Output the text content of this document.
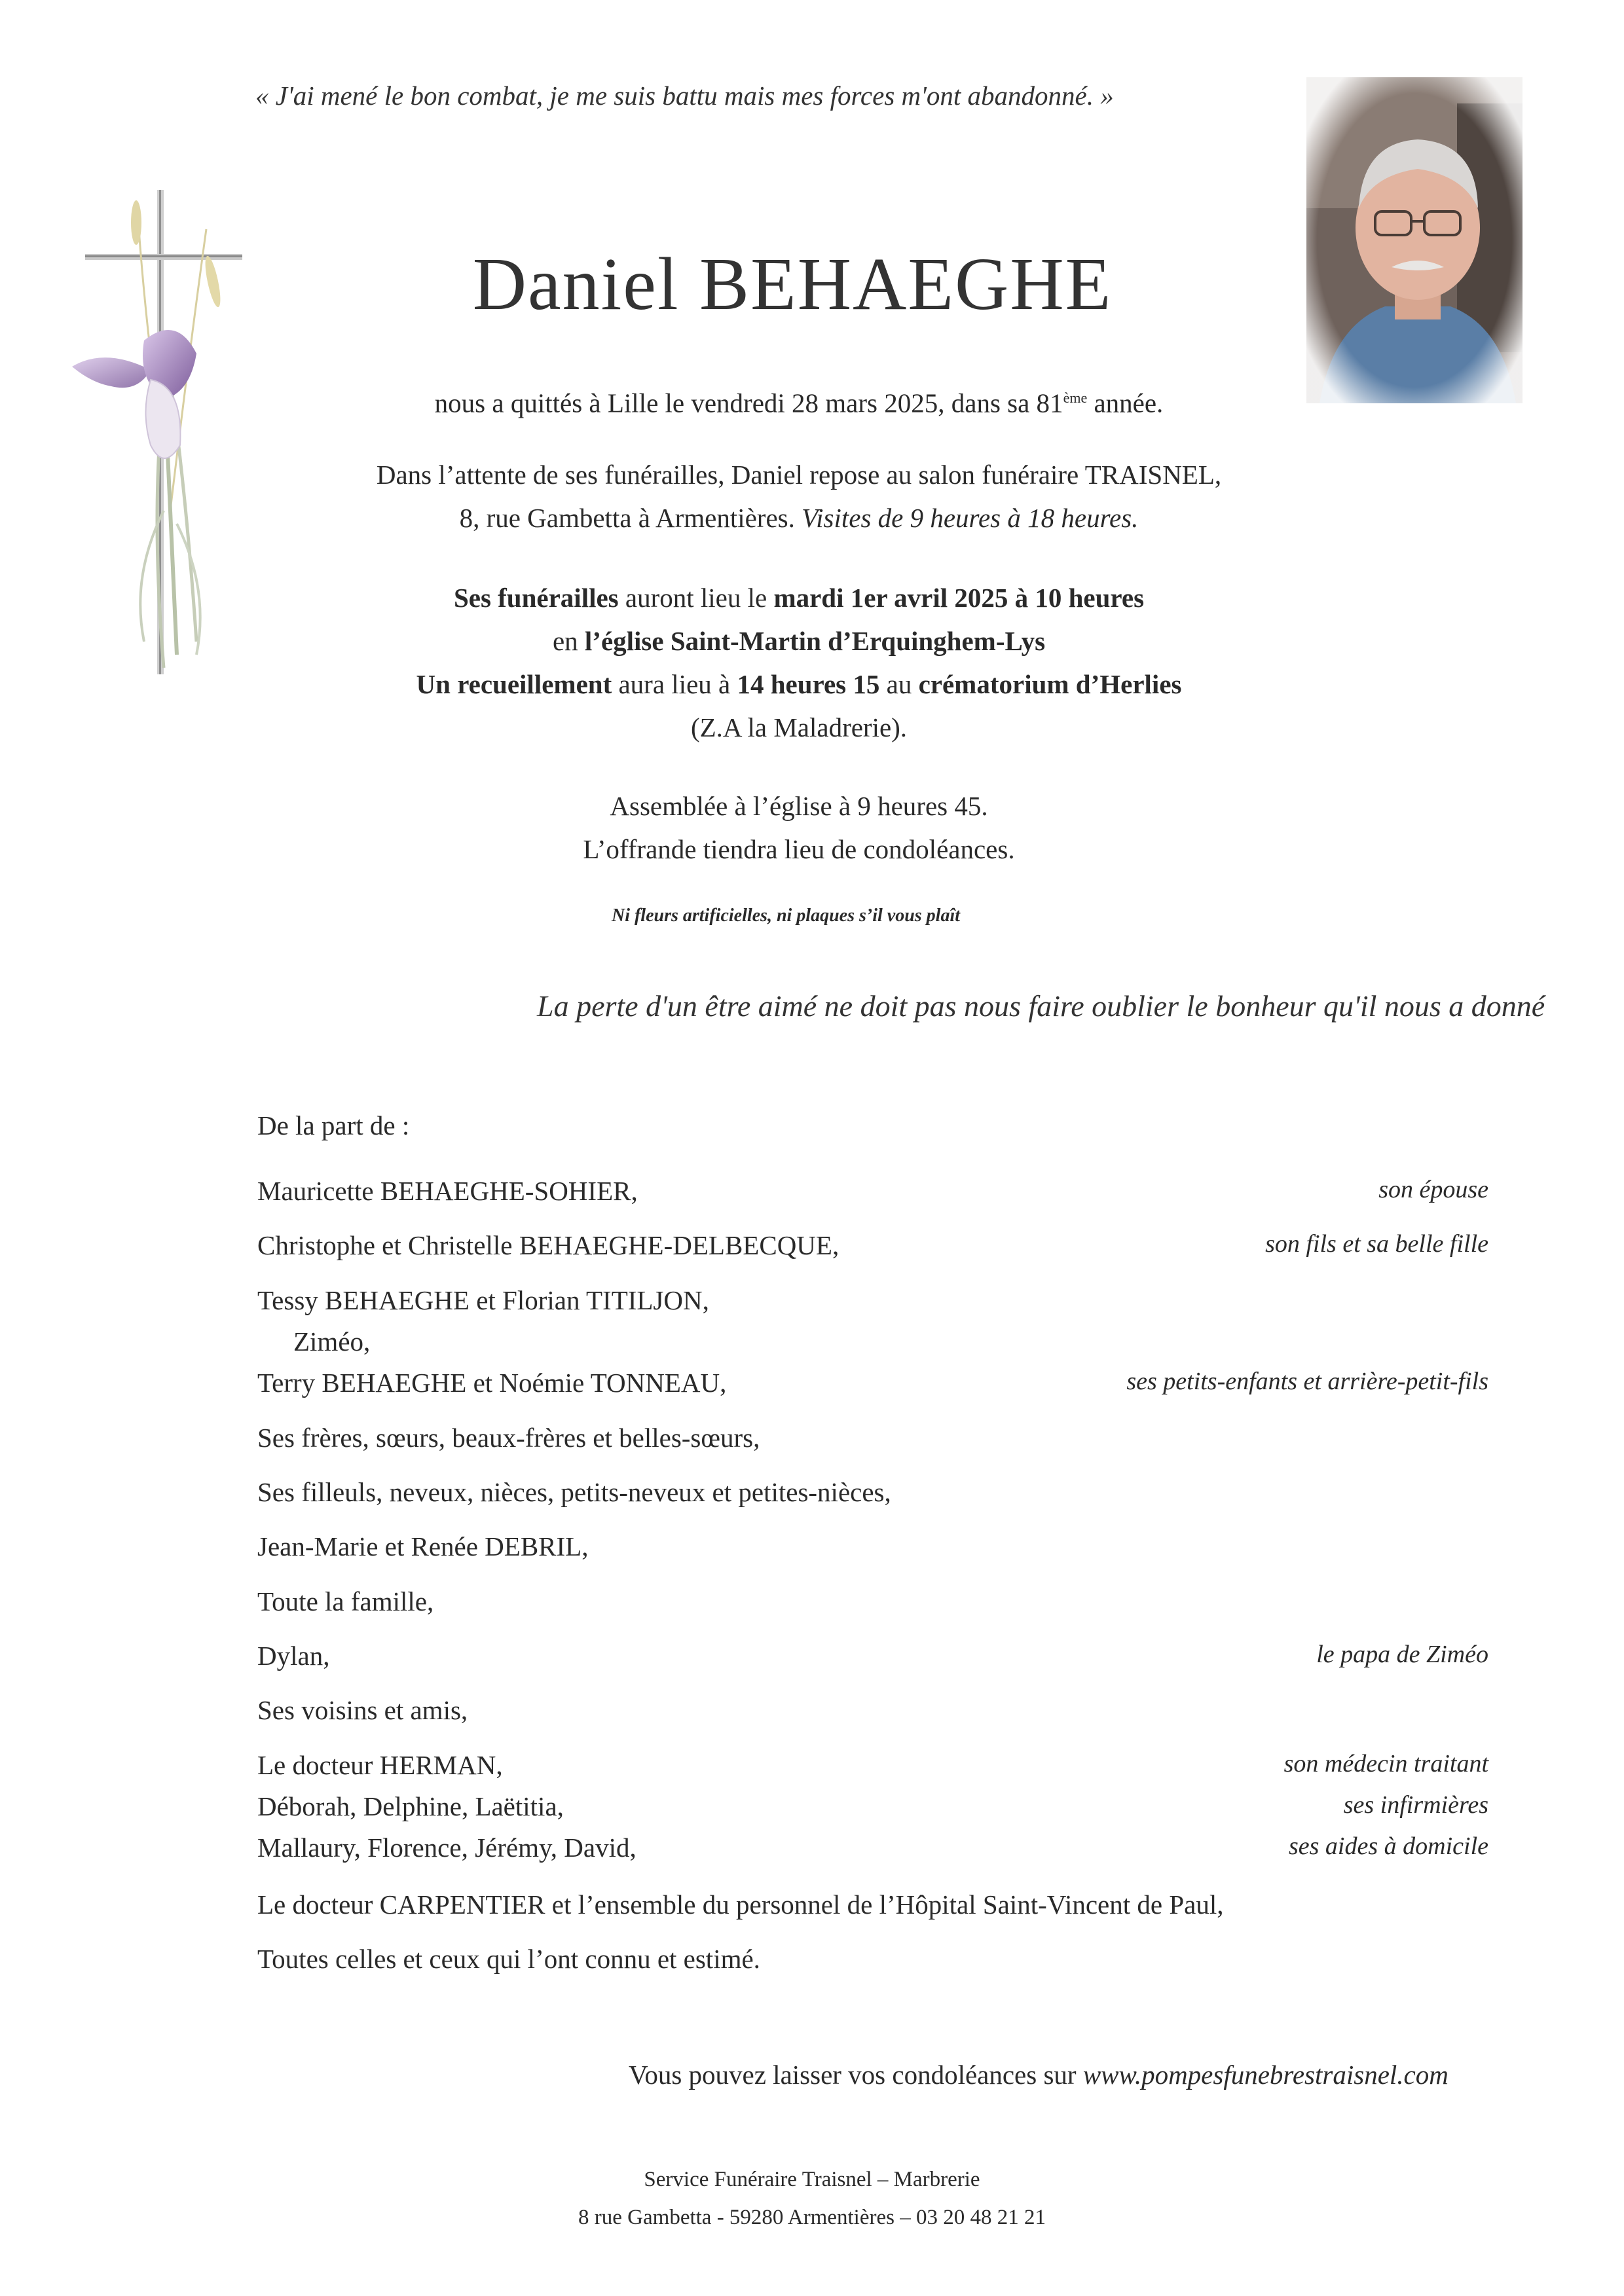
« J'ai mené le bon combat, je me suis battu mais mes forces m'ont abandonné. »
Daniel BEHAEGHE
nous a quittés à Lille le vendredi 28 mars 2025, dans sa 81ème année.
Dans l’attente de ses funérailles, Daniel repose au salon funéraire TRAISNEL,
8, rue Gambetta à Armentières. Visites de 9 heures à 18 heures.
Ses funérailles auront lieu le mardi 1er avril 2025 à 10 heures
en l’église Saint-Martin d’Erquinghem-Lys
Un recueillement aura lieu à 14 heures 15 au crématorium d’Herlies
(Z.A la Maladrerie).
Assemblée à l’église à 9 heures 45.
L’offrande tiendra lieu de condoléances.
Ni fleurs artificielles, ni plaques s’il vous plaît
La perte d'un être aimé ne doit pas nous faire oublier le bonheur qu'il nous a donné
De la part de :
Mauricette BEHAEGHE-SOHIER,	son épouse
Christophe et Christelle BEHAEGHE-DELBECQUE,	son fils et sa belle fille
Tessy BEHAEGHE et Florian TITILJON,
Ziméo,
Terry BEHAEGHE et Noémie TONNEAU,	ses petits-enfants et arrière-petit-fils
Ses frères, sœurs, beaux-frères et belles-sœurs,
Ses filleuls, neveux, nièces, petits-neveux et petites-nièces,
Jean-Marie et Renée DEBRIL,
Toute la famille,
Dylan,	le papa de Ziméo
Ses voisins et amis,
Le docteur HERMAN,	son médecin traitant
Déborah, Delphine, Laëtitia,	ses infirmières
Mallaury, Florence, Jérémy, David,	ses aides à domicile
Le docteur CARPENTIER et l’ensemble du personnel de l’Hôpital Saint-Vincent de Paul,
Toutes celles et ceux qui l’ont connu et estimé.
Vous pouvez laisser vos condoléances sur www.pompesfunebrestraisnel.com
Service Funéraire Traisnel – Marbrerie
8 rue Gambetta - 59280 Armentières – 03 20 48 21 21
